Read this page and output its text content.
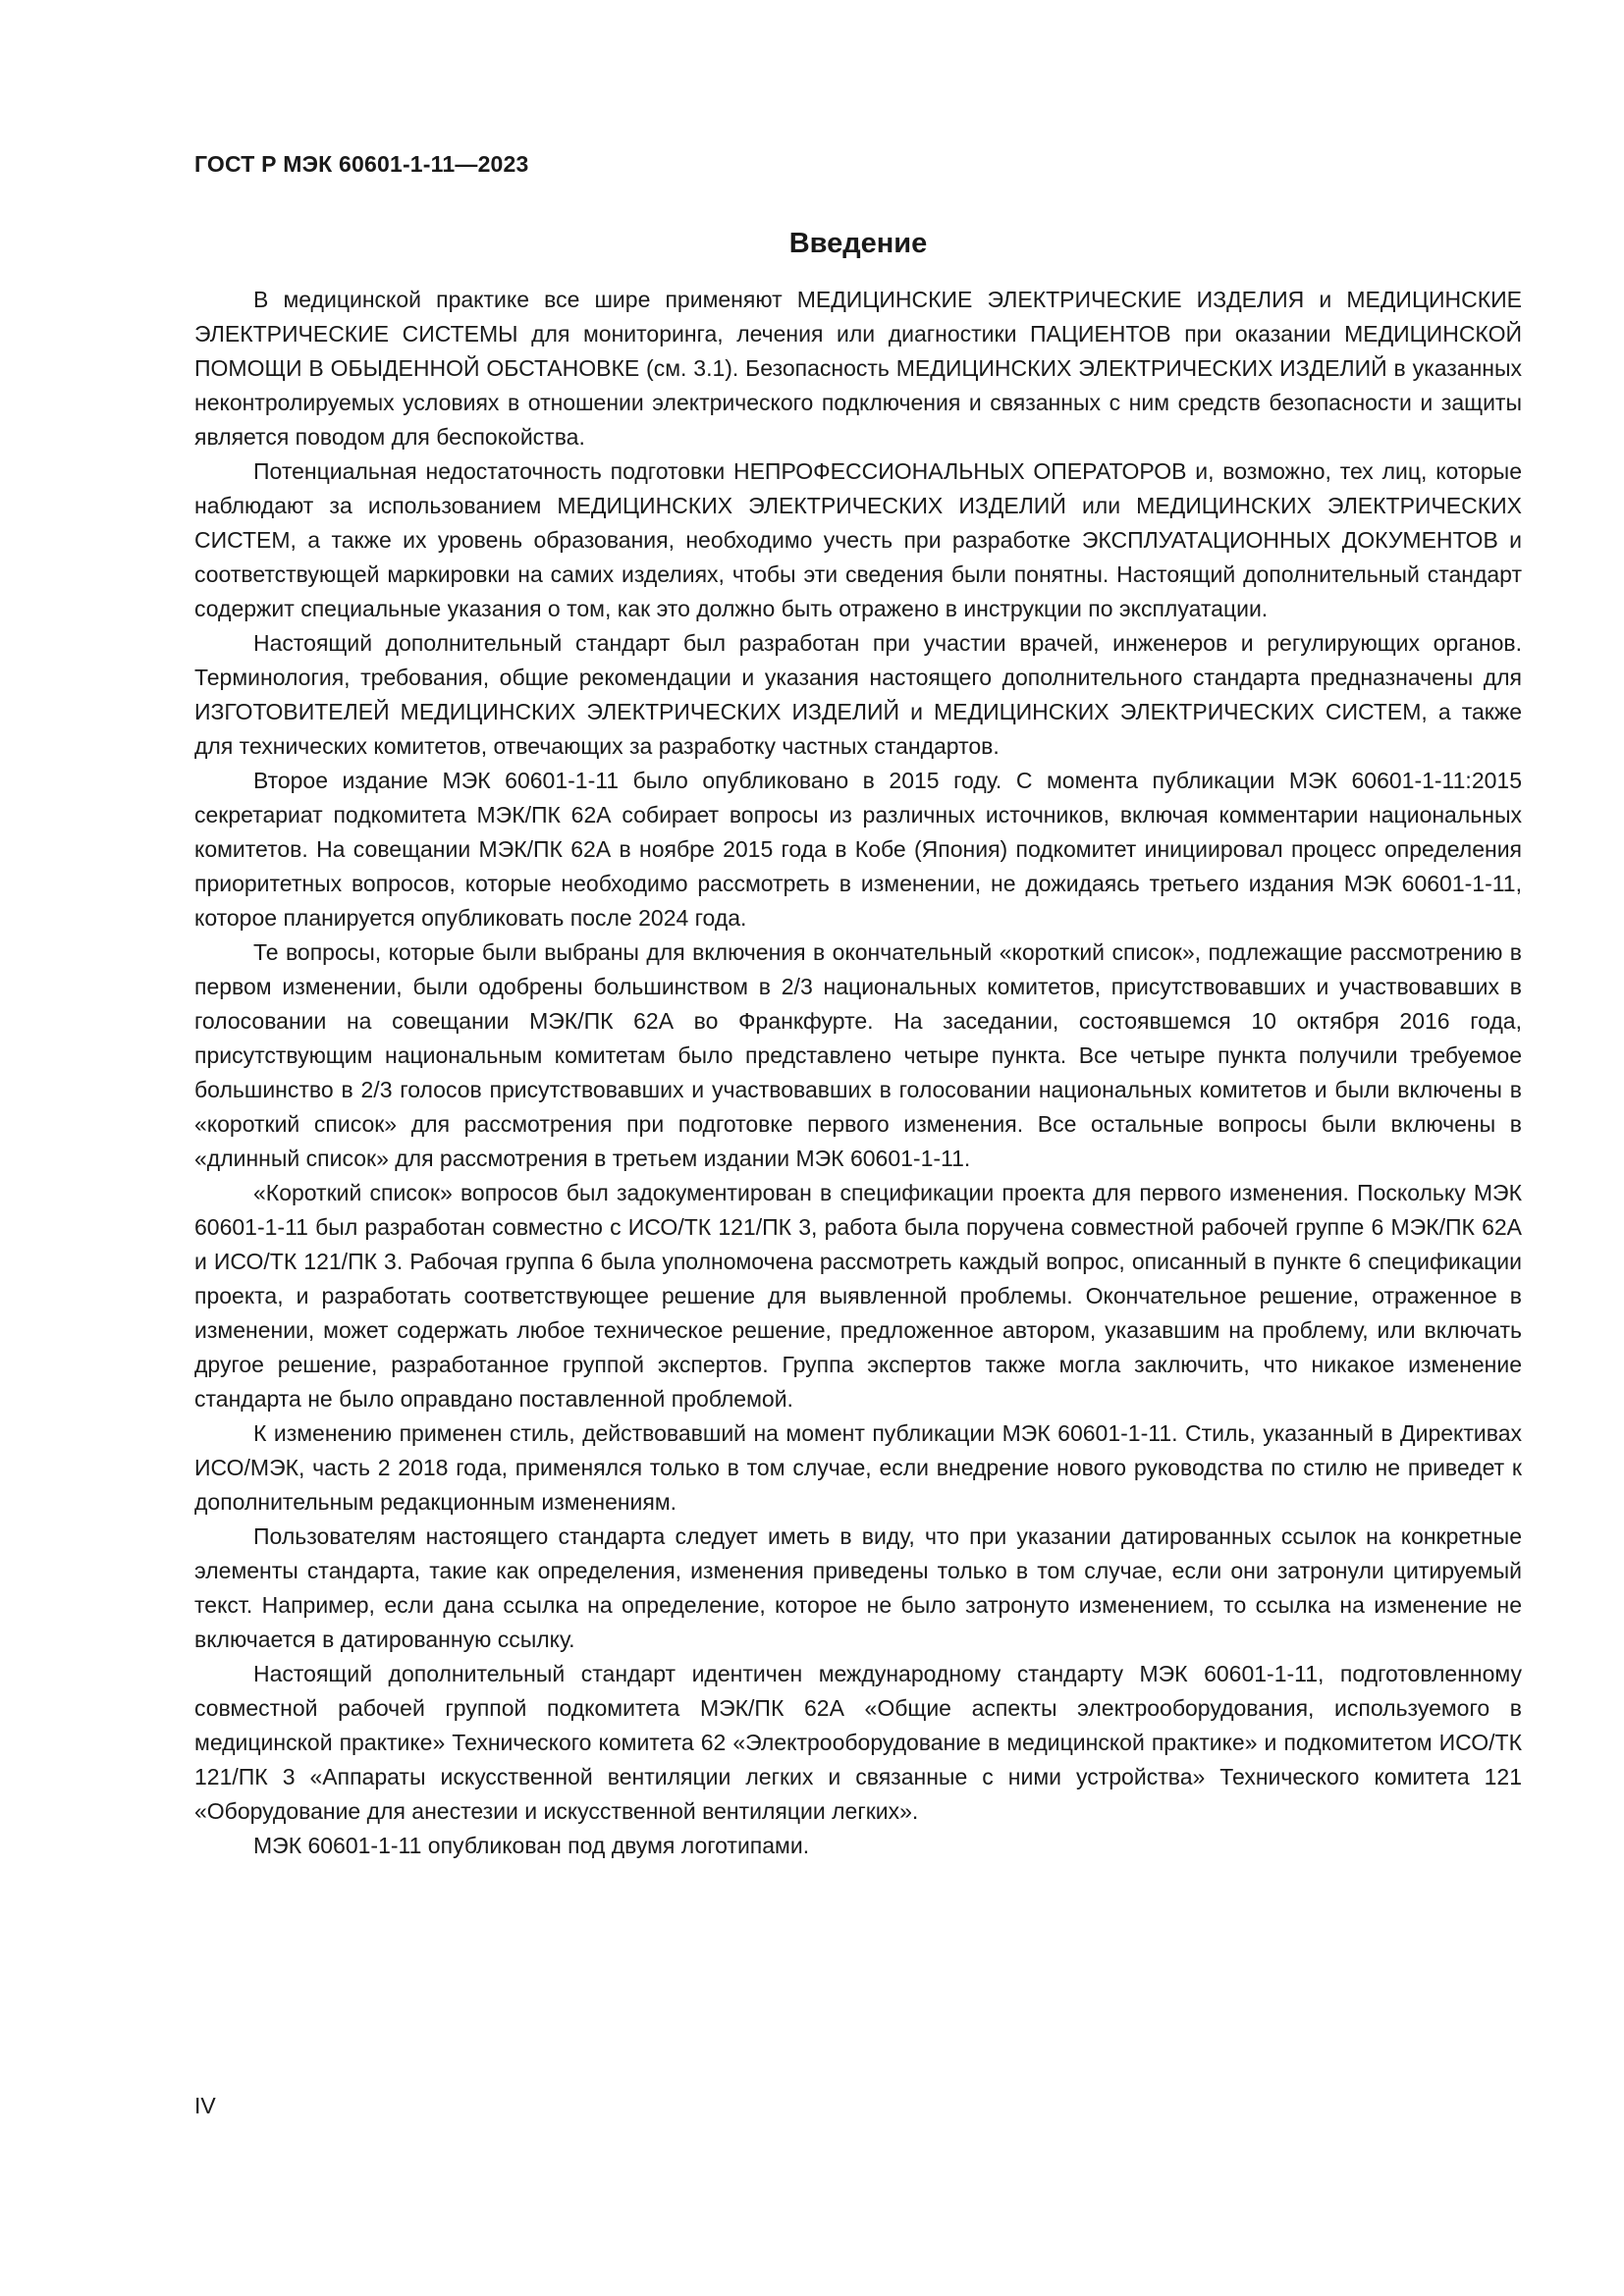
ГОСТ Р МЭК 60601-1-11—2023
Введение

В медицинской практике все шире применяют МЕДИЦИНСКИЕ ЭЛЕКТРИЧЕСКИЕ ИЗДЕЛИЯ и МЕДИЦИНСКИЕ ЭЛЕКТРИЧЕСКИЕ СИСТЕМЫ для мониторинга, лечения или диагностики ПАЦИЕНТОВ при оказании МЕДИЦИНСКОЙ ПОМОЩИ В ОБЫДЕННОЙ ОБСТАНОВКЕ (см. 3.1). Безопасность МЕДИЦИНСКИХ ЭЛЕКТРИЧЕСКИХ ИЗДЕЛИЙ в указанных неконтролируемых условиях в отношении электрического подключения и связанных с ним средств безопасности и защиты является поводом для беспокойства.

Потенциальная недостаточность подготовки НЕПРОФЕССИОНАЛЬНЫХ ОПЕРАТОРОВ и, возможно, тех лиц, которые наблюдают за использованием МЕДИЦИНСКИХ ЭЛЕКТРИЧЕСКИХ ИЗДЕЛИЙ или МЕДИЦИНСКИХ ЭЛЕКТРИЧЕСКИХ СИСТЕМ, а также их уровень образования, необходимо учесть при разработке ЭКСПЛУАТАЦИОННЫХ ДОКУМЕНТОВ и соответствующей маркировки на самих изделиях, чтобы эти сведения были понятны. Настоящий дополнительный стандарт содержит специальные указания о том, как это должно быть отражено в инструкции по эксплуатации.

Настоящий дополнительный стандарт был разработан при участии врачей, инженеров и регулирующих органов. Терминология, требования, общие рекомендации и указания настоящего дополнительного стандарта предназначены для ИЗГОТОВИТЕЛЕЙ МЕДИЦИНСКИХ ЭЛЕКТРИЧЕСКИХ ИЗДЕЛИЙ и МЕДИЦИНСКИХ ЭЛЕКТРИЧЕСКИХ СИСТЕМ, а также для технических комитетов, отвечающих за разработку частных стандартов.

Второе издание МЭК 60601-1-11 было опубликовано в 2015 году. С момента публикации МЭК 60601-1-11:2015 секретариат подкомитета МЭК/ПК 62А собирает вопросы из различных источников, включая комментарии национальных комитетов. На совещании МЭК/ПК 62А в ноябре 2015 года в Кобе (Япония) подкомитет инициировал процесс определения приоритетных вопросов, которые необходимо рассмотреть в изменении, не дожидаясь третьего издания МЭК 60601-1-11, которое планируется опубликовать после 2024 года.

Те вопросы, которые были выбраны для включения в окончательный «короткий список», подлежащие рассмотрению в первом изменении, были одобрены большинством в 2/3 национальных комитетов, присутствовавших и участвовавших в голосовании на совещании МЭК/ПК 62А во Франкфурте. На заседании, состоявшемся 10 октября 2016 года, присутствующим национальным комитетам было представлено четыре пункта. Все четыре пункта получили требуемое большинство в 2/3 голосов присутствовавших и участвовавших в голосовании национальных комитетов и были включены в «короткий список» для рассмотрения при подготовке первого изменения. Все остальные вопросы были включены в «длинный список» для рассмотрения в третьем издании МЭК 60601-1-11.

«Короткий список» вопросов был задокументирован в спецификации проекта для первого изменения. Поскольку МЭК 60601-1-11 был разработан совместно с ИСО/ТК 121/ПК 3, работа была поручена совместной рабочей группе 6 МЭК/ПК 62А и ИСО/ТК 121/ПК 3. Рабочая группа 6 была уполномочена рассмотреть каждый вопрос, описанный в пункте 6 спецификации проекта, и разработать соответствующее решение для выявленной проблемы. Окончательное решение, отраженное в изменении, может содержать любое техническое решение, предложенное автором, указавшим на проблему, или включать другое решение, разработанное группой экспертов. Группа экспертов также могла заключить, что никакое изменение стандарта не было оправдано поставленной проблемой.

К изменению применен стиль, действовавший на момент публикации МЭК 60601-1-11. Стиль, указанный в Директивах ИСО/МЭК, часть 2 2018 года, применялся только в том случае, если внедрение нового руководства по стилю не приведет к дополнительным редакционным изменениям.

Пользователям настоящего стандарта следует иметь в виду, что при указании датированных ссылок на конкретные элементы стандарта, такие как определения, изменения приведены только в том случае, если они затронули цитируемый текст. Например, если дана ссылка на определение, которое не было затронуто изменением, то ссылка на изменение не включается в датированную ссылку.

Настоящий дополнительный стандарт идентичен международному стандарту МЭК 60601-1-11, подготовленному совместной рабочей группой подкомитета МЭК/ПК 62А «Общие аспекты электрооборудования, используемого в медицинской практике» Технического комитета 62 «Электрооборудование в медицинской практике» и подкомитетом ИСО/ТК 121/ПК 3 «Аппараты искусственной вентиляции легких и связанные с ними устройства» Технического комитета 121 «Оборудование для анестезии и искусственной вентиляции легких».

МЭК 60601-1-11 опубликован под двумя логотипами.

IV
